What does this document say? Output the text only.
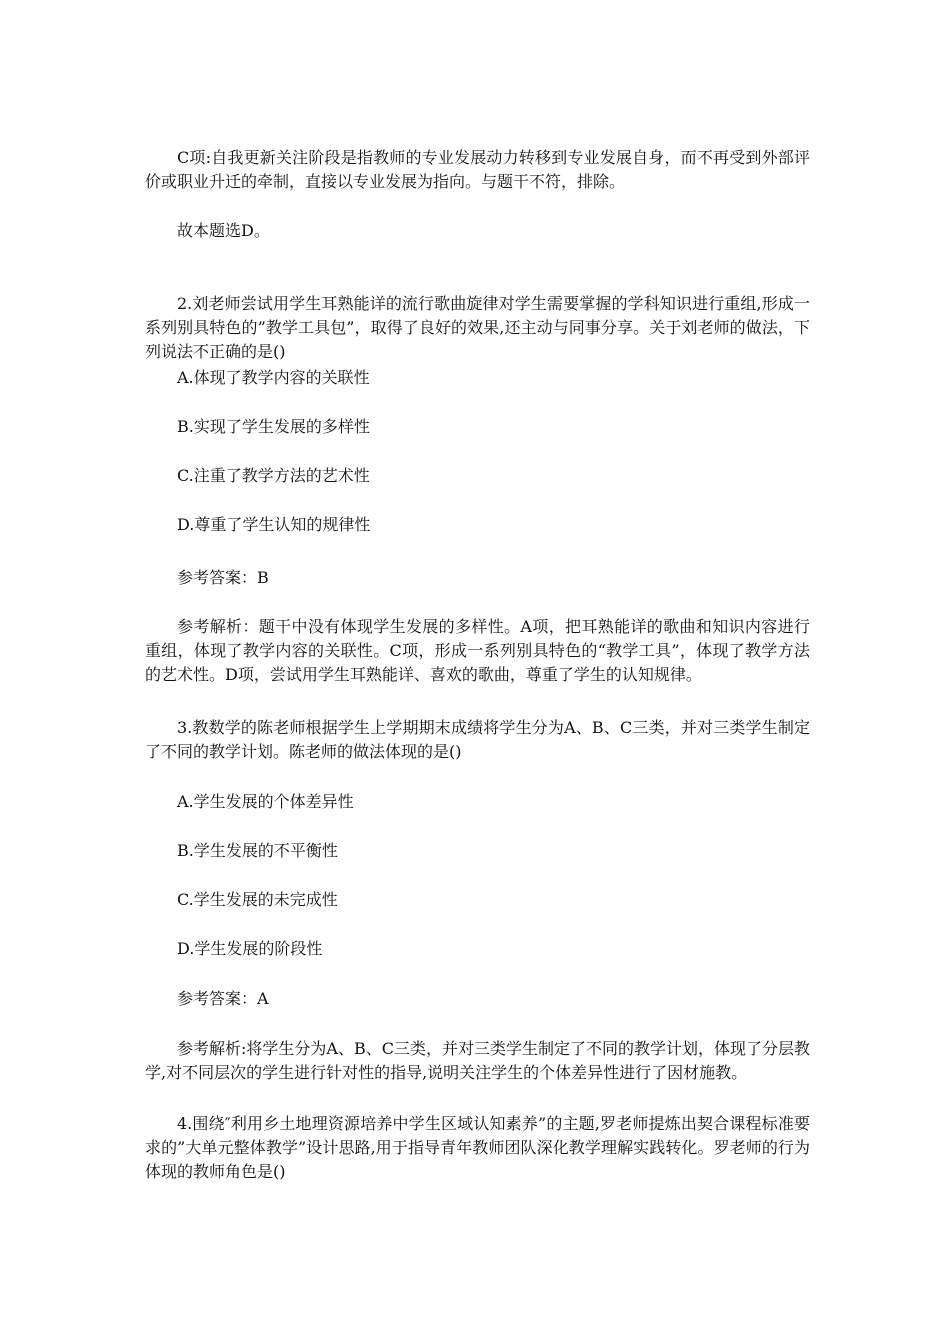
C项:自我更新关注阶段是指教师的专业发展动力转移到专业发展自身，而不再受到外部评价或职业升迁的牵制，直接以专业发展为指向。与题干不符，排除。

故本题选D。

2.刘老师尝试用学生耳熟能详的流行歌曲旋律对学生需要掌握的学科知识进行重组,形成一系列别具特色的”教学工具包”，取得了良好的效果,还主动与同事分享。关于刘老师的做法，下列说法不正确的是()

A.体现了教学内容的关联性

B.实现了学生发展的多样性

C.注重了教学方法的艺术性

D.尊重了学生认知的规律性

参考答案：B

参考解析：题干中没有体现学生发展的多样性。A项，把耳熟能详的歌曲和知识内容进行重组，体现了教学内容的关联性。C项，形成一系列别具特色的“教学工具”，体现了教学方法的艺术性。D项，尝试用学生耳熟能详、喜欢的歌曲，尊重了学生的认知规律。

3.教数学的陈老师根据学生上学期期末成绩将学生分为A、B、C三类，并对三类学生制定了不同的教学计划。陈老师的做法体现的是()

A.学生发展的个体差异性

B.学生发展的不平衡性

C.学生发展的未完成性

D.学生发展的阶段性

参考答案：A

参考解析:将学生分为A、B、C三类，并对三类学生制定了不同的教学计划，体现了分层教学,对不同层次的学生进行针对性的指导,说明关注学生的个体差异性进行了因材施教。

4.围绕″利用乡土地理资源培养中学生区域认知素养”的主题,罗老师提炼出契合课程标准要求的”大单元整体教学”设计思路,用于指导青年教师团队深化教学理解实践转化。罗老师的行为体现的教师角色是()
